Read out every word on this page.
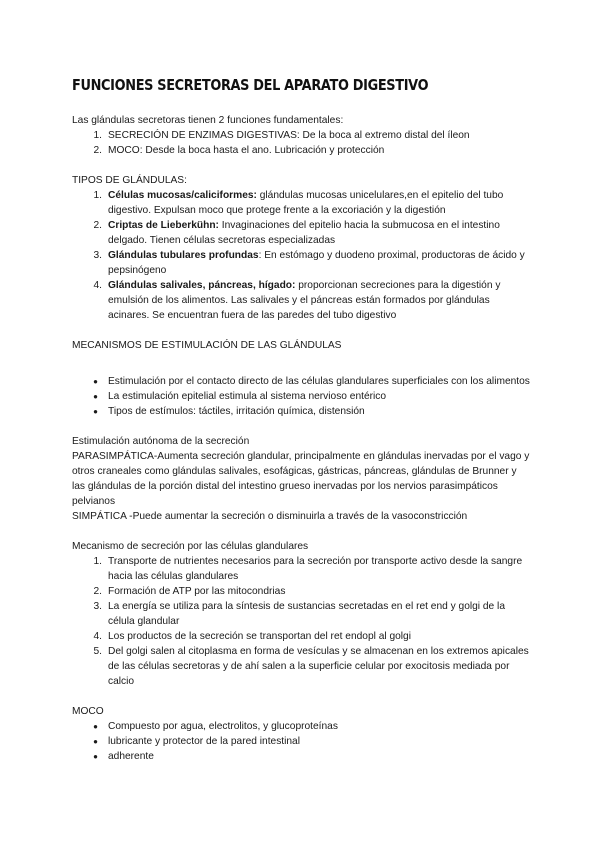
FUNCIONES SECRETORAS DEL APARATO DIGESTIVO

Las glándulas secretoras tienen 2 funciones fundamentales:

1. SECRECIÓN DE ENZIMAS DIGESTIVAS: De la boca al extremo distal del íleon
2. MOCO: Desde la boca hasta el ano. Lubricación y protección

TIPOS DE GLÁNDULAS:

1. Células mucosas/caliciformes: glándulas mucosas unicelulares,en el epitelio del tubo digestivo. Expulsan moco que protege frente a la excoriación y la digestión
2. Criptas de Lieberkühn: Invaginaciones del epitelio hacia la submucosa en el intestino delgado. Tienen células secretoras especializadas
3. Glándulas tubulares profundas: En estómago y duodeno proximal, productoras de ácido y pepsinógeno
4. Glándulas salivales, páncreas, hígado: proporcionan secreciones para la digestión y emulsión de los alimentos. Las salivales y el páncreas están formados por glándulas acinares. Se encuentran fuera de las paredes del tubo digestivo

MECANISMOS DE ESTIMULACIÓN DE LAS GLÁNDULAS

● Estimulación por el contacto directo de las células glandulares superficiales con los alimentos
● La estimulación epitelial estimula al sistema nervioso entérico
● Tipos de estímulos: táctiles, irritación química, distensión

Estimulación autónoma de la secreción

PARASIMPÁTICA-Aumenta secreción glandular, principalmente en glándulas inervadas por el vago y otros craneales como glándulas salivales, esofágicas, gástricas, páncreas, glándulas de Brunner y las glándulas de la porción distal del intestino grueso inervadas por los nervios parasimpáticos pelvianos

SIMPÁTICA -Puede aumentar la secreción o disminuirla a través de la vasoconstricción

Mecanismo de secreción por las células glandulares

1. Transporte de nutrientes necesarios para la secreción por transporte activo desde la sangre hacia las células glandulares
2. Formación de ATP por las mitocondrias
3. La energía se utiliza para la síntesis de sustancias secretadas en el ret end y golgi de la célula glandular
4. Los productos de la secreción se transportan del ret endopl al golgi
5. Del golgi salen al citoplasma en forma de vesículas y se almacenan en los extremos apicales de las células secretoras y de ahí salen a la superficie celular por exocitosis mediada por calcio

MOCO

● Compuesto por agua, electrolitos, y glucoproteínas
● lubricante y protector de la pared intestinal
● adherente
